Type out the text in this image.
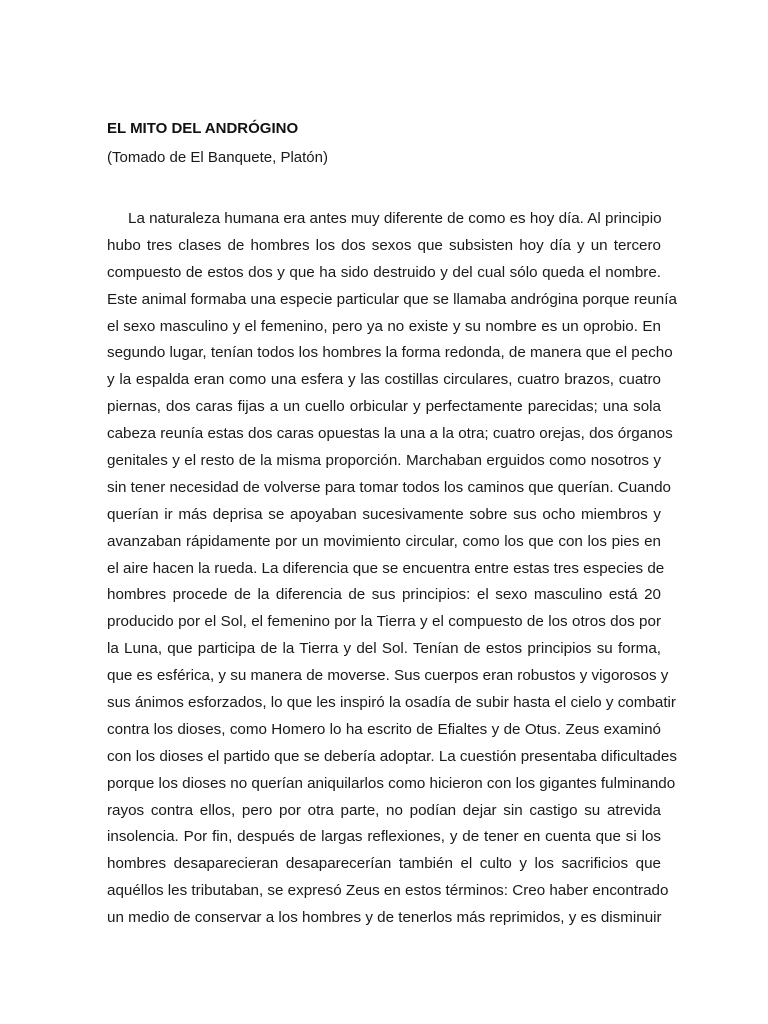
EL MITO DEL ANDRÓGINO

(Tomado de El Banquete, Platón)

La naturaleza humana era antes muy diferente de como es hoy día. Al principio
hubo tres clases de hombres los dos sexos que subsisten hoy día y un tercero
compuesto de estos dos y que ha sido destruido y del cual sólo queda el nombre.
Este animal formaba una especie particular que se llamaba andrógina porque reunía
el sexo masculino y el femenino, pero ya no existe y su nombre es un oprobio. En
segundo lugar, tenían todos los hombres la forma redonda, de manera que el pecho
y la espalda eran como una esfera y las costillas circulares, cuatro brazos, cuatro
piernas, dos caras fijas a un cuello orbicular y perfectamente parecidas; una sola
cabeza reunía estas dos caras opuestas la una a la otra; cuatro orejas, dos órganos
genitales y el resto de la misma proporción. Marchaban erguidos como nosotros y
sin tener necesidad de volverse para tomar todos los caminos que querían. Cuando
querían ir más deprisa se apoyaban sucesivamente sobre sus ocho miembros y
avanzaban rápidamente por un movimiento circular, como los que con los pies en
el aire hacen la rueda. La diferencia que se encuentra entre estas tres especies de
hombres procede de la diferencia de sus principios: el sexo masculino está 20
producido por el Sol, el femenino por la Tierra y el compuesto de los otros dos por
la Luna, que participa de la Tierra y del Sol. Tenían de estos principios su forma,
que es esférica, y su manera de moverse. Sus cuerpos eran robustos y vigorosos y
sus ánimos esforzados, lo que les inspiró la osadía de subir hasta el cielo y combatir
contra los dioses, como Homero lo ha escrito de Efialtes y de Otus. Zeus examinó
con los dioses el partido que se debería adoptar. La cuestión presentaba dificultades
porque los dioses no querían aniquilarlos como hicieron con los gigantes fulminando
rayos contra ellos, pero por otra parte, no podían dejar sin castigo su atrevida
insolencia. Por fin, después de largas reflexiones, y de tener en cuenta que si los
hombres desaparecieran desaparecerían también el culto y los sacrificios que
aquéllos les tributaban, se expresó Zeus en estos términos: Creo haber encontrado
un medio de conservar a los hombres y de tenerlos más reprimidos, y es disminuir
